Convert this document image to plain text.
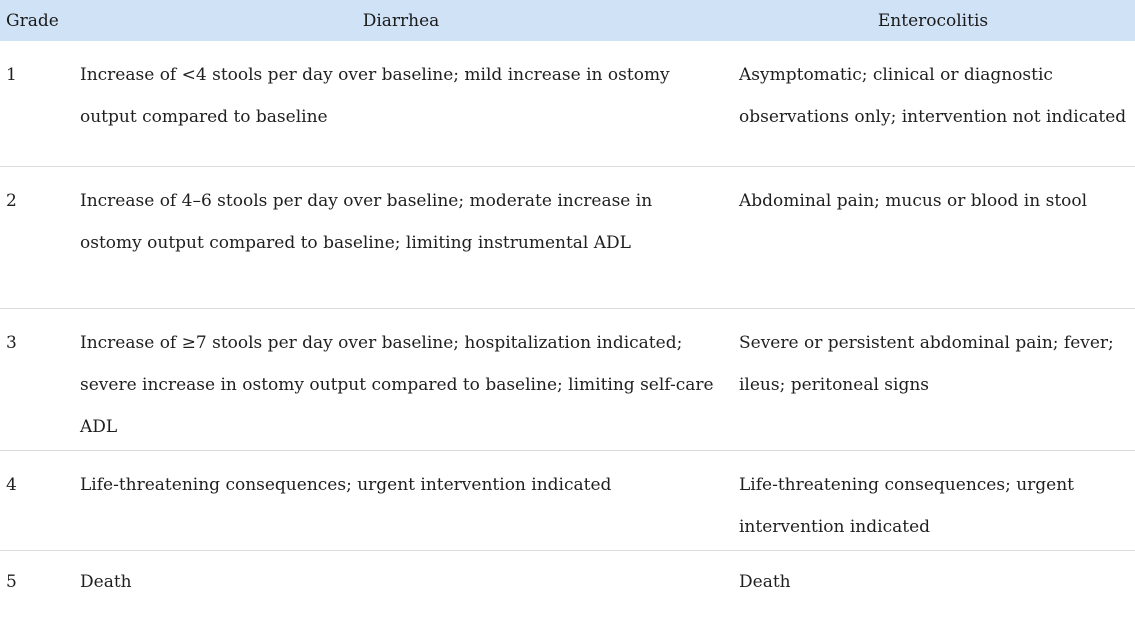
Grade	Diarrhea	Enterocolitis
1	Increase of <4 stools per day over baseline; mild increase in ostomy output compared to baseline	Asymptomatic; clinical or diagnostic observations only; intervention not indicated
2	Increase of 4–6 stools per day over baseline; moderate increase in ostomy output compared to baseline; limiting instrumental ADL	Abdominal pain; mucus or blood in stool
3	Increase of ≥7 stools per day over baseline; hospitalization indicated; severe increase in ostomy output compared to baseline; limiting self-care ADL	Severe or persistent abdominal pain; fever; ileus; peritoneal signs
4	Life-threatening consequences; urgent intervention indicated	Life-threatening consequences; urgent intervention indicated
5	Death	Death
